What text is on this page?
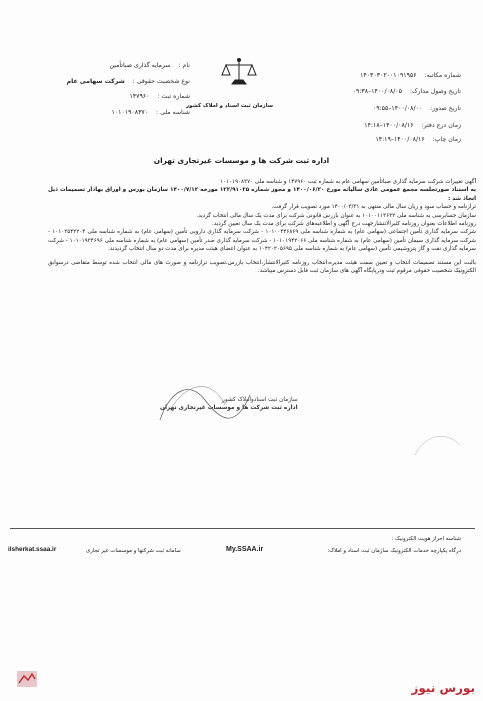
شماره مکاتبه: ۱۴۰۳۰۳۰۲۰۰۱۰۹۱۹۵۶
تاریخ وصول مدارک: ۱۴۰۰/۰۸/۰۵–۰۹:۳۸
تاریخ صدور: ۱۴۰۰/۰۸/۰۰–۰۹:۵۵
زمان درج دفتر: ۱۴۰۰/۰۸/۱۶–۱۴:۱۸
زمان چاپ: ۱۴۰۰/۰۸/۱۶–۱۴:۱۹
سازمان ثبت اسناد و املاک کشور
نام : سرمایه گذاری صباتأمین
نوع شخصیت حقوقی : شرکت سهامی عام
شماره ثبت : ۱۴۷۹۶۰
شناسه ملی : ۱۰۱۰۱۹۰۸۳۷۰
اداره ثبت شرکت ها و موسسات غیرتجاری تهران

آگهی تغییرات شرکت سرمایه گذاری صباتأمین سهامی عام به شماره ثبت ۱۴۷۹۶۰ و شناسه ملی ۱۰۱۰۱۹۰۸۳۷۰

به استناد صورتجلسه مجمع عمومی عادی سالیانه مورخ ۱۴۰۰/۰۶/۲۰ و مجوز شماره ۱۲۲/۹۱۰۲۵ مورخه ۱۴۰۰/۷/۱۲ سازمان بورس و اوراق بهادار تصمیمات ذیل اتخاذ شد :

ترازنامه و حساب سود و زیان سال مالی منتهی به ۱۴۰۰/۰۳/۳۱ مورد تصویب قرار گرفت.

سازمان حسابرسی به شناسه ملی ۱۰۱۰۰۱۱۳۶۳۲ به عنوان بازرس قانونی شرکت برای مدت یک سال مالی انتخاب گردید.

روزنامه اطلاعات بعنوان روزنامه کثیرالانتشارجهت درج آگهی و اطلاعیه‌های شرکت برای مدت یک سال تعیین گردید.

شرکت سرمایه گذاری تأمین اجتماعی (سهامی عام) به شماره شناسه ملی ۱۰۱۰۰۴۴۶۸۶۹ - شرکت سرمایه گذاری دارویی تأمین (سهامی عام) به شماره شناسه ملی ۱۰۱۰۲۵۴۲۲۰۴ - شرکت سرمایه گذاری سیمان تأمین (سهامی عام) به شماره شناسه ملی ۱۰۱۰۱۹۴۲۰۶۶ - شرکت سرمایه گذاری صدر تأمین (سهامی عام) به شماره شناسه ملی ۱۰۱۰۱۹۳۴۶۹۶ - شرکت سرمایه گذاری نفت و گاز پتروشیمی تأمین (سهامی عام) به شماره شناسه ملی ۱۰۴۲۰۲۰۵۶۹۵ به عنوان اعضای هیئت مدیره برای مدت دو سال انتخاب گردیدند.

بالبت این مستند تصمیمات انتخاب و تعیین سمت هیئت مدیره،انتخاب روزنامه کثیرالانتشار،انتخاب بازرس،تصویب ترازنامه و صورت های مالی انتخاب شده توسط متقاضی درسوابق الکترونیک شخصیت حقوقی مرقوم ثبت ودرپایگاه آگهی های سازمان ثبت قابل دسترس میباشد.

سازمان ثبت اسنادواملاک کشور
اداره ثبت شرکت ها و موسسات غیرتجاری تهران
شناسه احراز هویت الکترونیک :
درگاه یکپارچه خدمات الکترونیک سازمان ثبت اسناد و املاک:
My.SSAA.ir
سامانه ثبت شرکتها و موسسات غیر تجاری
ilsherkat.ssaa.ir
بورس نیوز
